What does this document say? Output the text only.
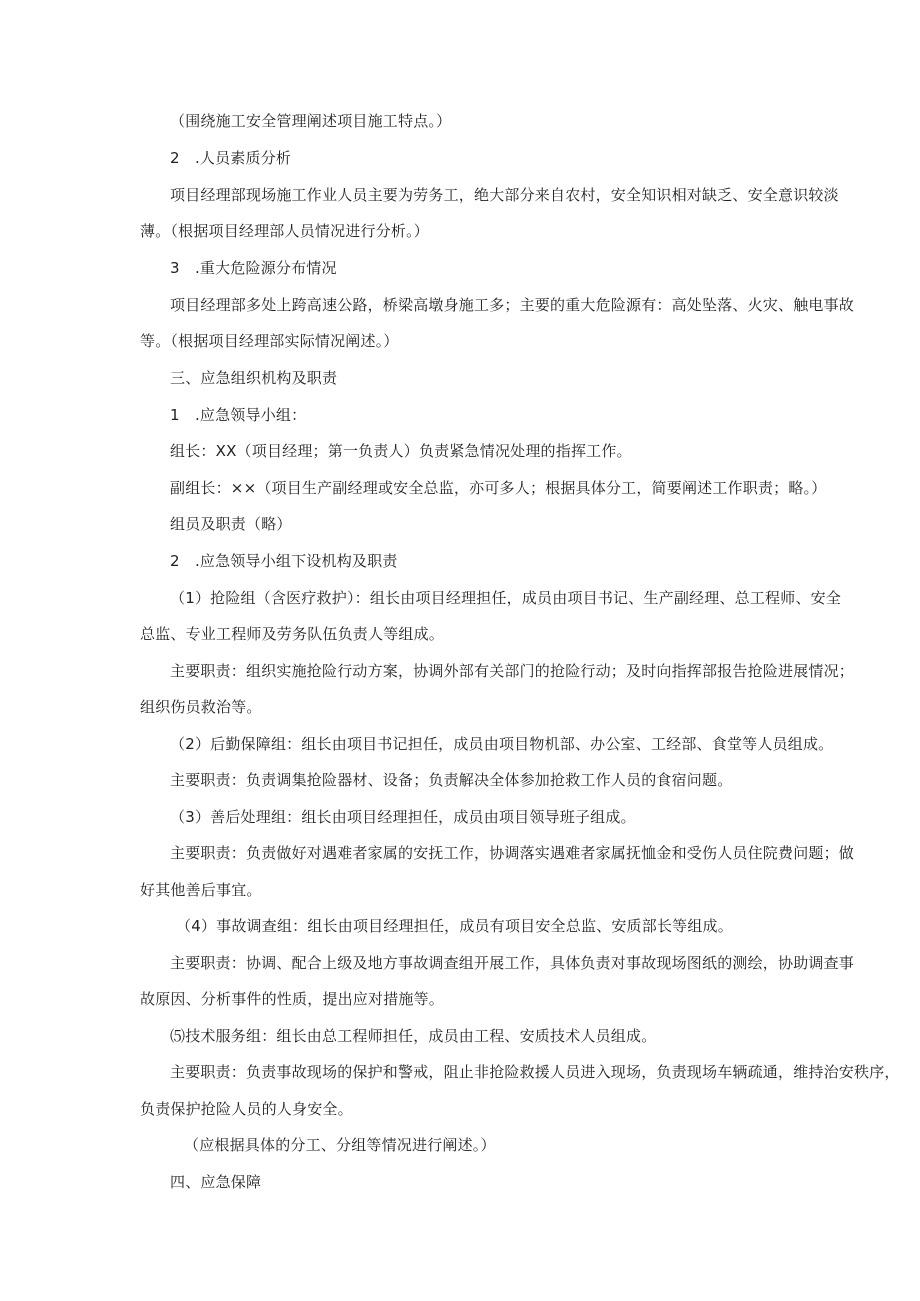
（围绕施工安全管理阐述项目施工特点。）
2　.人员素质分析
项目经理部现场施工作业人员主要为劳务工，绝大部分来自农村，安全知识相对缺乏、安全意识较淡
薄。（根据项目经理部人员情况进行分析。）
3　.重大危险源分布情况
项目经理部多处上跨高速公路，桥梁高墩身施工多；主要的重大危险源有：高处坠落、火灾、触电事故
等。（根据项目经理部实际情况阐述。）
三、应急组织机构及职责
1　.应急领导小组：
组长：XX（项目经理；第一负责人）负责紧急情况处理的指挥工作。
副组长：××（项目生产副经理或安全总监，亦可多人；根据具体分工，简要阐述工作职责；略。）
组员及职责（略）
2　.应急领导小组下设机构及职责
（1）抢险组（含医疗救护）：组长由项目经理担任，成员由项目书记、生产副经理、总工程师、安全
总监、专业工程师及劳务队伍负责人等组成。
主要职责：组织实施抢险行动方案，协调外部有关部门的抢险行动；及时向指挥部报告抢险进展情况；
组织伤员救治等。
（2）后勤保障组：组长由项目书记担任，成员由项目物机部、办公室、工经部、食堂等人员组成。
主要职责：负责调集抢险器材、设备；负责解决全体参加抢救工作人员的食宿问题。
（3）善后处理组：组长由项目经理担任，成员由项目领导班子组成。
主要职责：负责做好对遇难者家属的安抚工作，协调落实遇难者家属抚恤金和受伤人员住院费问题；做
好其他善后事宜。
（4）事故调查组：组长由项目经理担任，成员有项目安全总监、安质部长等组成。
主要职责：协调、配合上级及地方事故调查组开展工作，具体负责对事故现场图纸的测绘，协助调查事
故原因、分析事件的性质，提出应对措施等。
⑸技术服务组：组长由总工程师担任，成员由工程、安质技术人员组成。
主要职责：负责事故现场的保护和警戒，阻止非抢险救援人员进入现场，负责现场车辆疏通，维持治安秩序，
负责保护抢险人员的人身安全。
（应根据具体的分工、分组等情况进行阐述。）
四、应急保障
